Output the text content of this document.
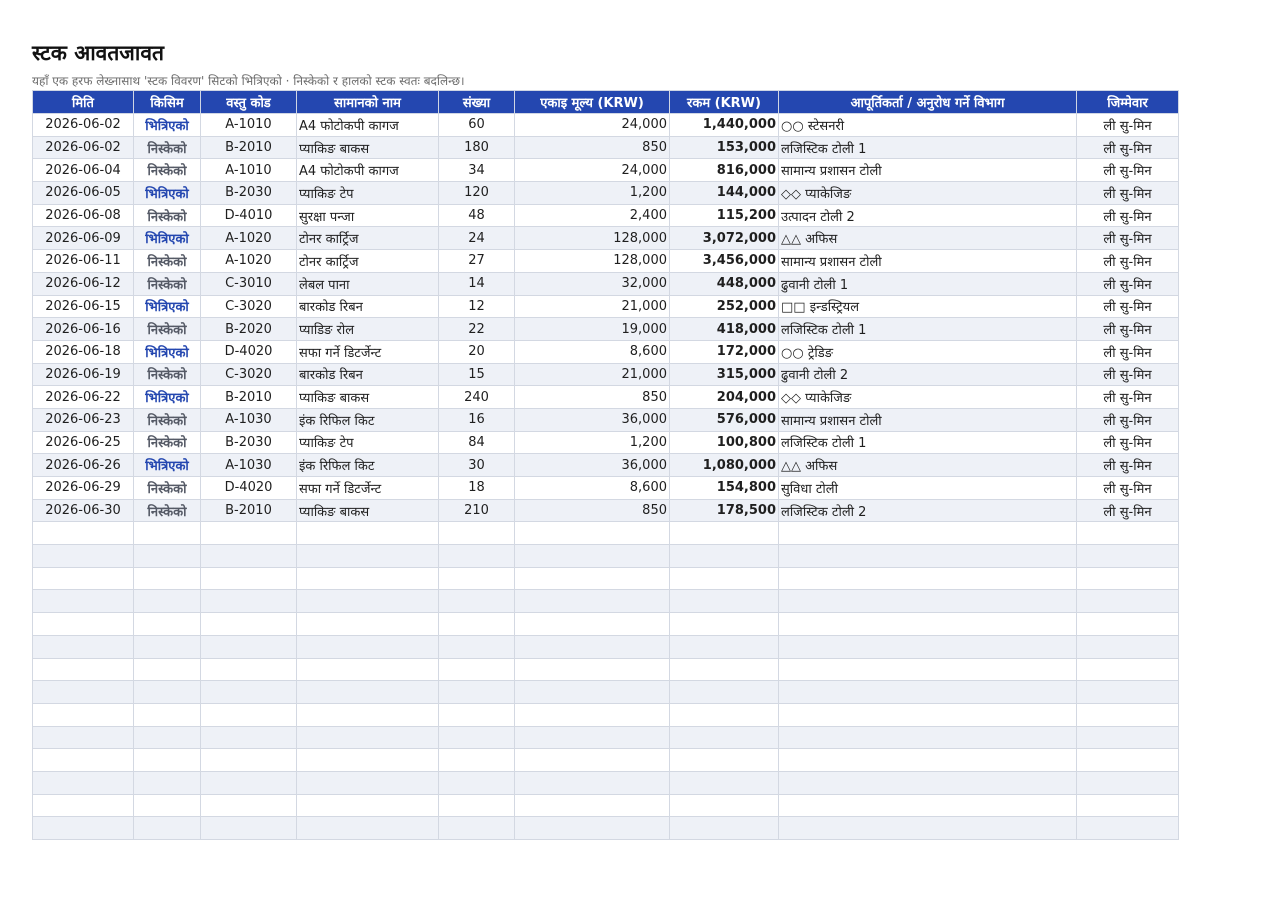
स्टक आवतजावत
यहाँ एक हरफ लेख्नासाथ 'स्टक विवरण' सिटको भित्रिएको · निस्केको र हालको स्टक स्वतः बदलिन्छ।
मिति	किसिम	वस्तु कोड	सामानको नाम	संख्या	एकाइ मूल्य (KRW)	रकम (KRW)	आपूर्तिकर्ता / अनुरोध गर्ने विभाग	जिम्मेवार
2026-06-02	भित्रिएको	A-1010	A4 फोटोकपी कागज	60	24,000	1,440,000	○○ स्टेसनरी	ली सु-मिन
2026-06-02	निस्केको	B-2010	प्याकिङ बाकस	180	850	153,000	लजिस्टिक टोली 1	ली सु-मिन
2026-06-04	निस्केको	A-1010	A4 फोटोकपी कागज	34	24,000	816,000	सामान्य प्रशासन टोली	ली सु-मिन
2026-06-05	भित्रिएको	B-2030	प्याकिङ टेप	120	1,200	144,000	◇◇ प्याकेजिङ	ली सु-मिन
2026-06-08	निस्केको	D-4010	सुरक्षा पन्जा	48	2,400	115,200	उत्पादन टोली 2	ली सु-मिन
2026-06-09	भित्रिएको	A-1020	टोनर कार्ट्रिज	24	128,000	3,072,000	△△ अफिस	ली सु-मिन
2026-06-11	निस्केको	A-1020	टोनर कार्ट्रिज	27	128,000	3,456,000	सामान्य प्रशासन टोली	ली सु-मिन
2026-06-12	निस्केको	C-3010	लेबल पाना	14	32,000	448,000	ढुवानी टोली 1	ली सु-मिन
2026-06-15	भित्रिएको	C-3020	बारकोड रिबन	12	21,000	252,000	□□ इन्डस्ट्रियल	ली सु-मिन
2026-06-16	निस्केको	B-2020	प्याडिङ रोल	22	19,000	418,000	लजिस्टिक टोली 1	ली सु-मिन
2026-06-18	भित्रिएको	D-4020	सफा गर्ने डिटर्जेन्ट	20	8,600	172,000	○○ ट्रेडिङ	ली सु-मिन
2026-06-19	निस्केको	C-3020	बारकोड रिबन	15	21,000	315,000	ढुवानी टोली 2	ली सु-मिन
2026-06-22	भित्रिएको	B-2010	प्याकिङ बाकस	240	850	204,000	◇◇ प्याकेजिङ	ली सु-मिन
2026-06-23	निस्केको	A-1030	इंक रिफिल किट	16	36,000	576,000	सामान्य प्रशासन टोली	ली सु-मिन
2026-06-25	निस्केको	B-2030	प्याकिङ टेप	84	1,200	100,800	लजिस्टिक टोली 1	ली सु-मिन
2026-06-26	भित्रिएको	A-1030	इंक रिफिल किट	30	36,000	1,080,000	△△ अफिस	ली सु-मिन
2026-06-29	निस्केको	D-4020	सफा गर्ने डिटर्जेन्ट	18	8,600	154,800	सुविधा टोली	ली सु-मिन
2026-06-30	निस्केको	B-2010	प्याकिङ बाकस	210	850	178,500	लजिस्टिक टोली 2	ली सु-मिन
